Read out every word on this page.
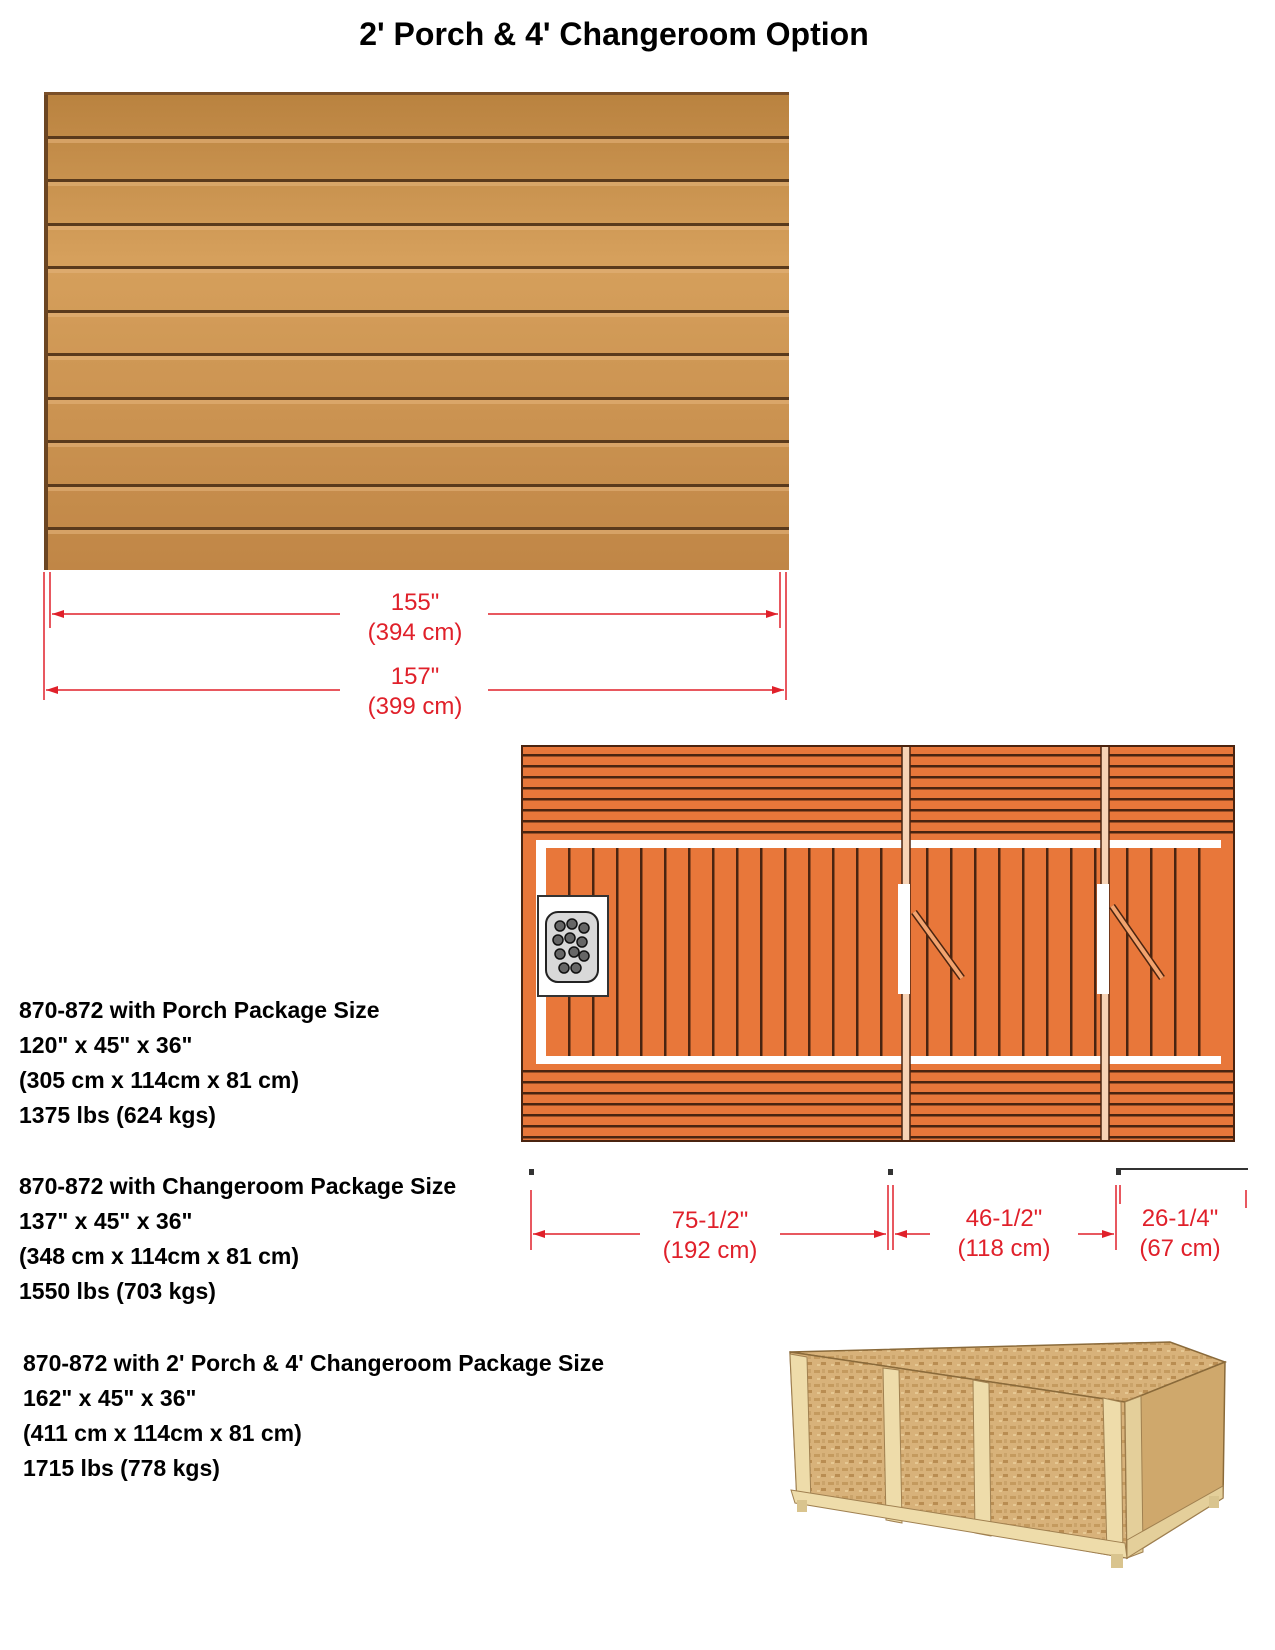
2' Porch & 4' Changeroom Option
155"
(394 cm)
157"
(399 cm)
75-1/2"
(192 cm)
46-1/2"
(118 cm)
26-1/4"
(67 cm)
870-872 with Porch Package Size
120" x 45" x 36"
(305 cm x 114cm x 81 cm)
1375 lbs (624 kgs)
870-872 with Changeroom Package Size
137" x 45" x 36"
(348 cm x 114cm x 81 cm)
1550 lbs (703 kgs)
870-872 with 2' Porch & 4' Changeroom Package Size
162" x 45" x 36"
(411 cm x 114cm x 81 cm)
1715 lbs (778 kgs)
